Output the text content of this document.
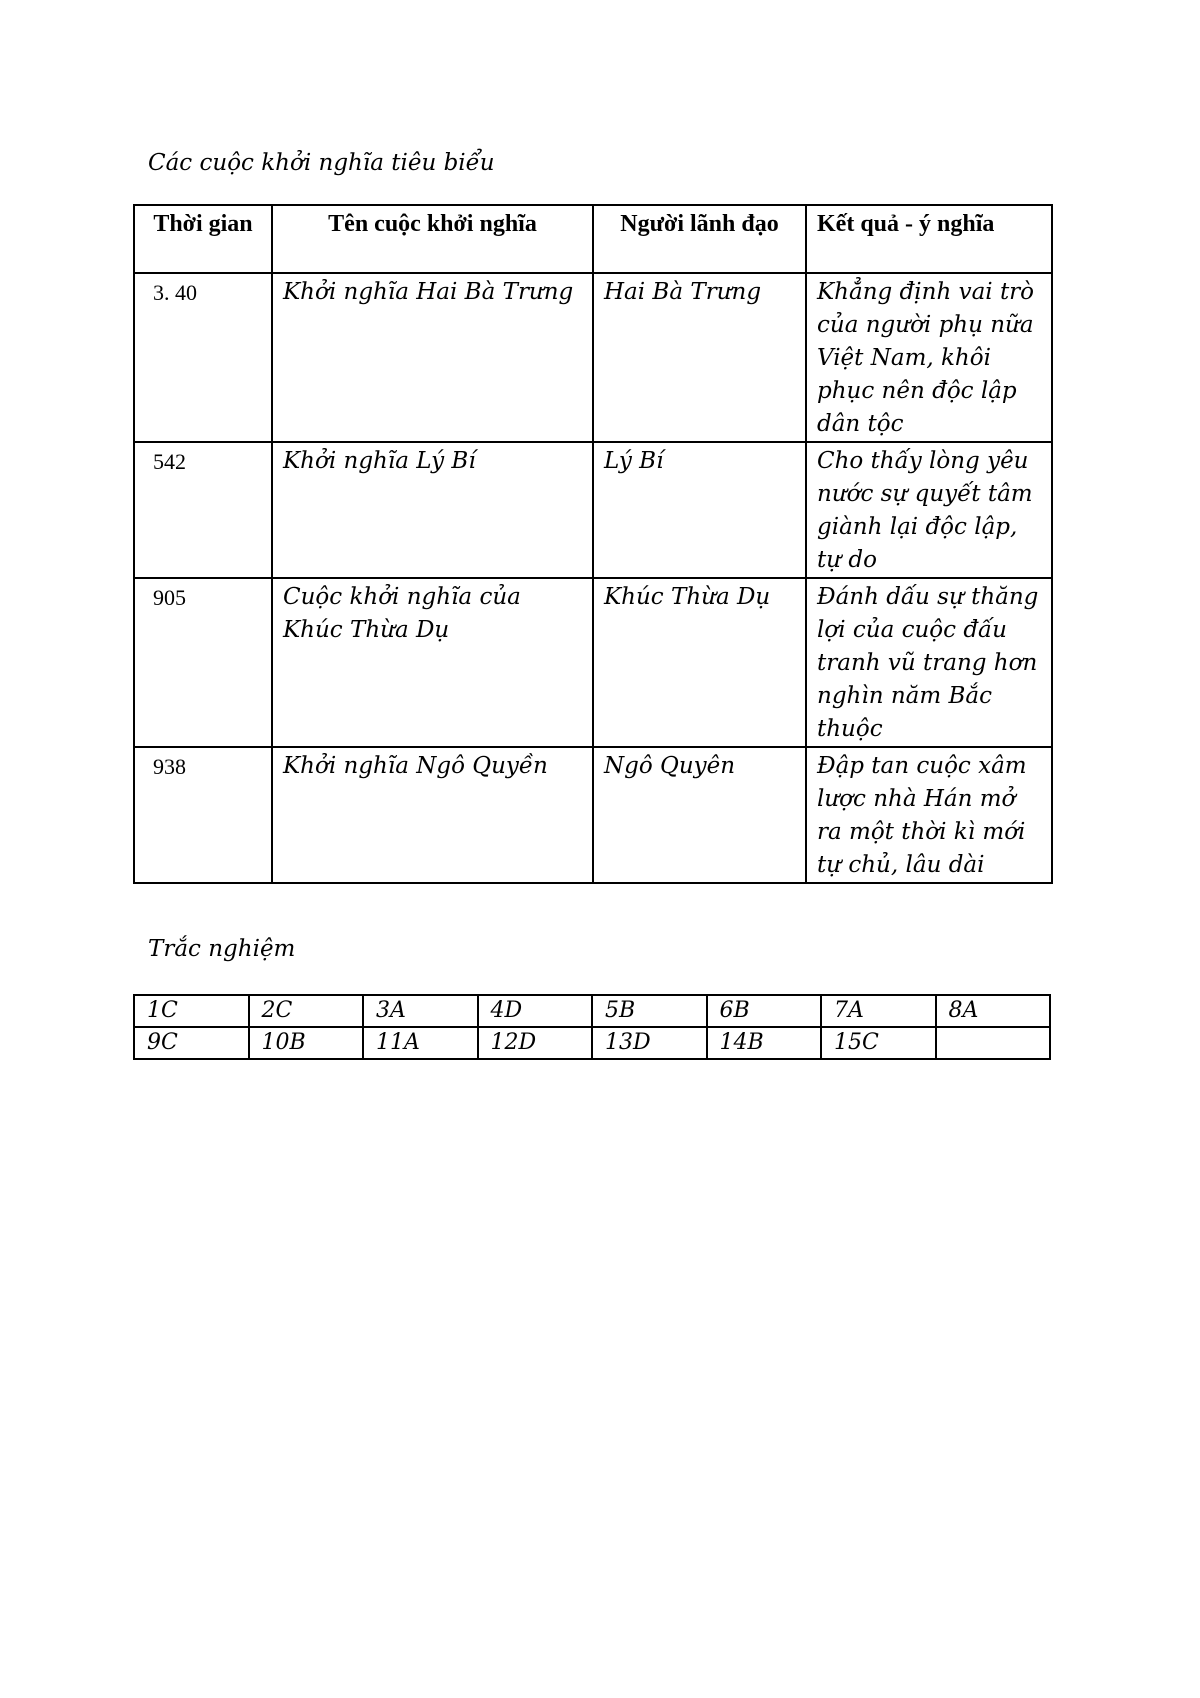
Các cuộc khởi nghĩa tiêu biểu
Thời gian	Tên cuộc khởi nghĩa	Người lãnh đạo	Kết quả - ý nghĩa
3. 40	Khởi nghĩa Hai Bà Trưng	Hai Bà Trưng	Khẳng định vai trò của người phụ nữa Việt Nam, khôi phục nên độc lập dân tộc
542	Khởi nghĩa Lý Bí	Lý Bí	Cho thấy lòng yêu nước sự quyết tâm giành lại độc lập, tự do
905	Cuộc khởi nghĩa của Khúc Thừa Dụ	Khúc Thừa Dụ	Đánh dấu sự thăng lợi của cuộc đấu tranh vũ trang hơn nghìn năm Bắc thuộc
938	Khởi nghĩa Ngô Quyền	Ngô Quyên	Đập tan cuộc xâm lược nhà Hán mở ra một thời kì mới tự chủ, lâu dài
Trắc nghiệm
1C	2C	3A	4D	5B	6B	7A	8A
9C	10B	11A	12D	13D	14B	15C	
